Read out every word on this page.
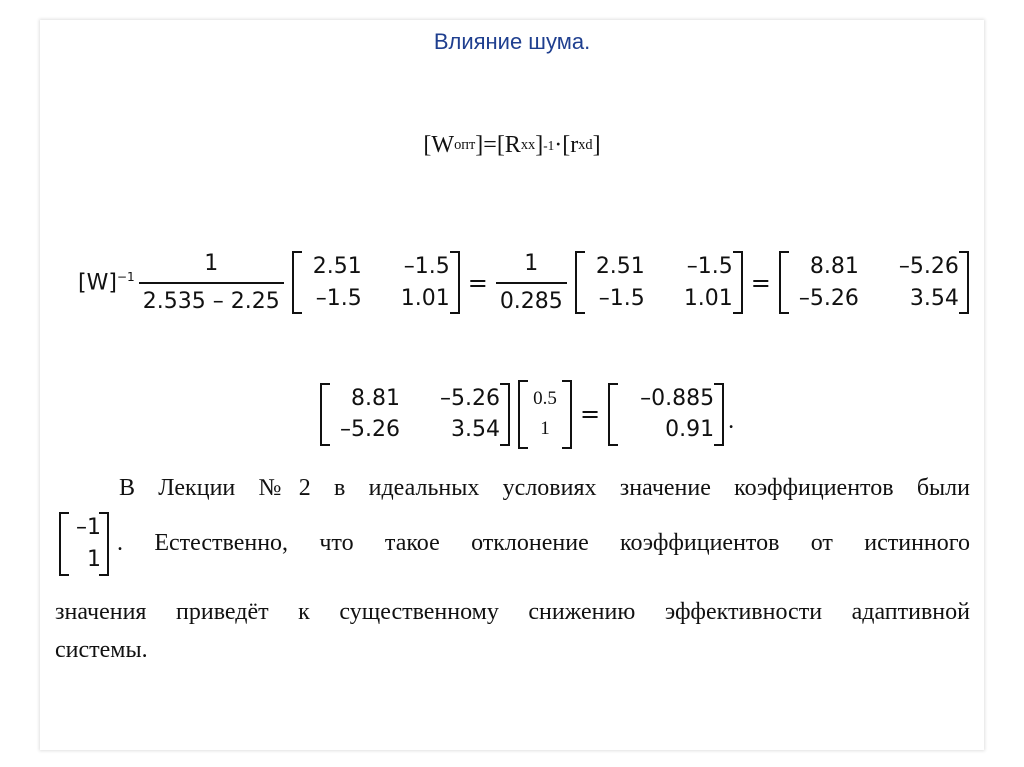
Влияние шума.
[W опт ] = [R xx ] -1 · [r xd ]
$[W]^{-1} \frac{1}{2.535 - 2.25}$	2.51	–1.5
–1.5	1.01
= $\frac{1}{0.285}$	2.51	–1.5
–1.5	1.01
=
8.81	–5.26
–5.26	3.54
8.81	–5.26
–5.26	3.54
0.5
1
=
–0.885
0.91 .
В Лекции №2 в идеальных условиях значение коэффициентов были
–1
1
. Естественно, что такое отклонение коэффициентов от истинного
значения приведёт к существенному снижению эффективности адаптивной
системы.
